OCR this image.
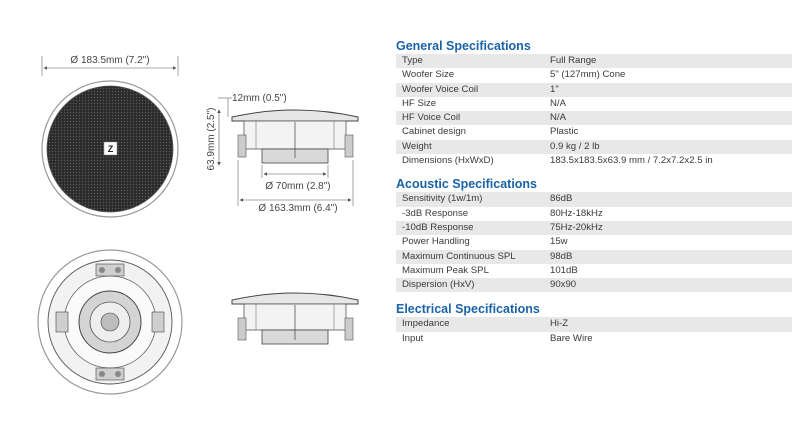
Ø 183.5mm (7.2")
Z
12mm (0.5")
63.9mm (2.5")
Ø 70mm (2.8")
Ø 163.3mm (6.4")
General Specifications
Type	Full Range
Woofer Size	5" (127mm) Cone
Woofer Voice Coil	1"
HF Size	N/A
HF Voice Coil	N/A
Cabinet design	Plastic
Weight	0.9 kg / 2 lb
Dimensions (HxWxD)	183.5x183.5x63.9 mm / 7.2x7.2x2.5 in
Acoustic Specifications
Sensitivity (1w/1m)	86dB
-3dB Response	80Hz-18kHz
-10dB Response	75Hz-20kHz
Power Handling	15w
Maximum Continuous SPL	98dB
Maximum Peak SPL	101dB
Dispersion (HxV)	90x90
Electrical Specifications
Impedance	Hi-Z
Input	Bare Wire
